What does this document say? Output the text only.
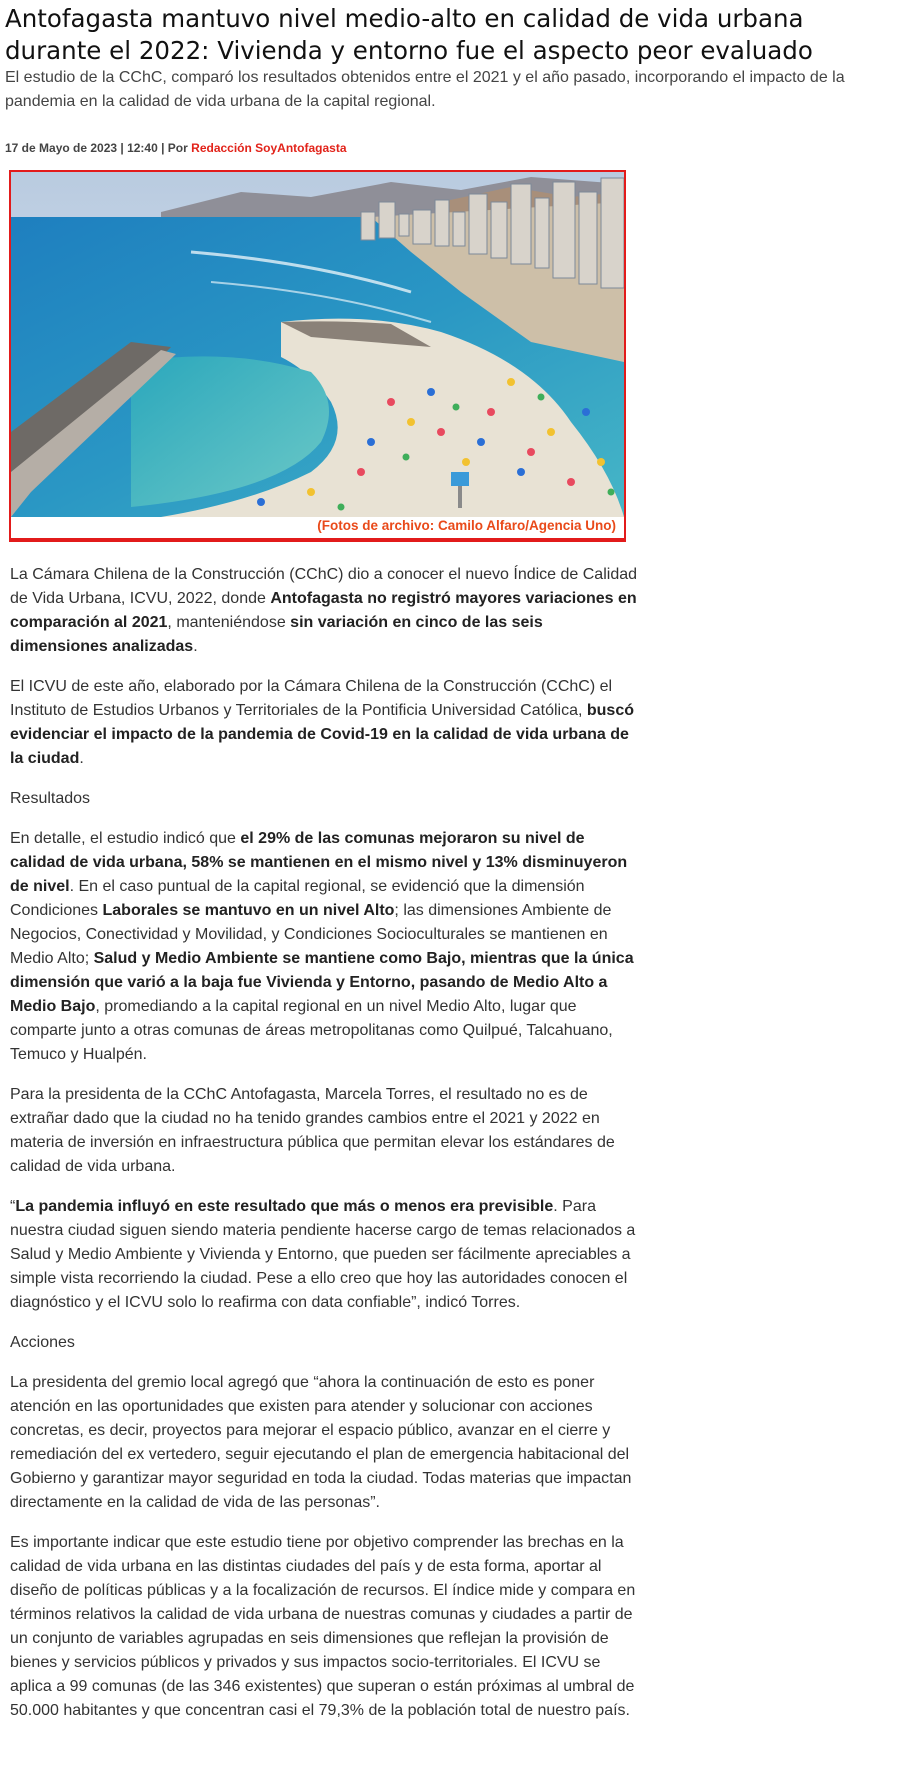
Antofagasta mantuvo nivel medio-alto en calidad de vida urbana durante el 2022: Vivienda y entorno fue el aspecto peor evaluado

El estudio de la CChC, comparó los resultados obtenidos entre el 2021 y el año pasado, incorporando el impacto de la pandemia en la calidad de vida urbana de la capital regional.

17 de Mayo de 2023 | 12:40 | Por Redacción SoyAntofagasta
(Fotos de archivo: Camilo Alfaro/Agencia Uno)

La Cámara Chilena de la Construcción (CChC) dio a conocer el nuevo Índice de Calidad de Vida Urbana, ICVU, 2022, donde Antofagasta no registró mayores variaciones en comparación al 2021, manteniéndose sin variación en cinco de las seis dimensiones analizadas.

El ICVU de este año, elaborado por la Cámara Chilena de la Construcción (CChC) el Instituto de Estudios Urbanos y Territoriales de la Pontificia Universidad Católica, buscó evidenciar el impacto de la pandemia de Covid-19 en la calidad de vida urbana de la ciudad.

Resultados

En detalle, el estudio indicó que el 29% de las comunas mejoraron su nivel de calidad de vida urbana, 58% se mantienen en el mismo nivel y 13% disminuyeron de nivel. En el caso puntual de la capital regional, se evidenció que la dimensión Condiciones Laborales se mantuvo en un nivel Alto; las dimensiones Ambiente de Negocios, Conectividad y Movilidad, y Condiciones Socioculturales se mantienen en Medio Alto; Salud y Medio Ambiente se mantiene como Bajo, mientras que la única dimensión que varió a la baja fue Vivienda y Entorno, pasando de Medio Alto a Medio Bajo, promediando a la capital regional en un nivel Medio Alto, lugar que comparte junto a otras comunas de áreas metropolitanas como Quilpué, Talcahuano, Temuco y Hualpén.

Para la presidenta de la CChC Antofagasta, Marcela Torres, el resultado no es de extrañar dado que la ciudad no ha tenido grandes cambios entre el 2021 y 2022 en materia de inversión en infraestructura pública que permitan elevar los estándares de calidad de vida urbana.

“La pandemia influyó en este resultado que más o menos era previsible. Para nuestra ciudad siguen siendo materia pendiente hacerse cargo de temas relacionados a Salud y Medio Ambiente y Vivienda y Entorno, que pueden ser fácilmente apreciables a simple vista recorriendo la ciudad. Pese a ello creo que hoy las autoridades conocen el diagnóstico y el ICVU solo lo reafirma con data confiable”, indicó Torres.

Acciones

La presidenta del gremio local agregó que “ahora la continuación de esto es poner atención en las oportunidades que existen para atender y solucionar con acciones concretas, es decir, proyectos para mejorar el espacio público, avanzar en el cierre y remediación del ex vertedero, seguir ejecutando el plan de emergencia habitacional del Gobierno y garantizar mayor seguridad en toda la ciudad. Todas materias que impactan directamente en la calidad de vida de las personas”.

Es importante indicar que este estudio tiene por objetivo comprender las brechas en la calidad de vida urbana en las distintas ciudades del país y de esta forma, aportar al diseño de políticas públicas y a la focalización de recursos. El índice mide y compara en términos relativos la calidad de vida urbana de nuestras comunas y ciudades a partir de un conjunto de variables agrupadas en seis dimensiones que reflejan la provisión de bienes y servicios públicos y privados y sus impactos socio-territoriales. El ICVU se aplica a 99 comunas (de las 346 existentes) que superan o están próximas al umbral de 50.000 habitantes y que concentran casi el 79,3% de la población total de nuestro país.
